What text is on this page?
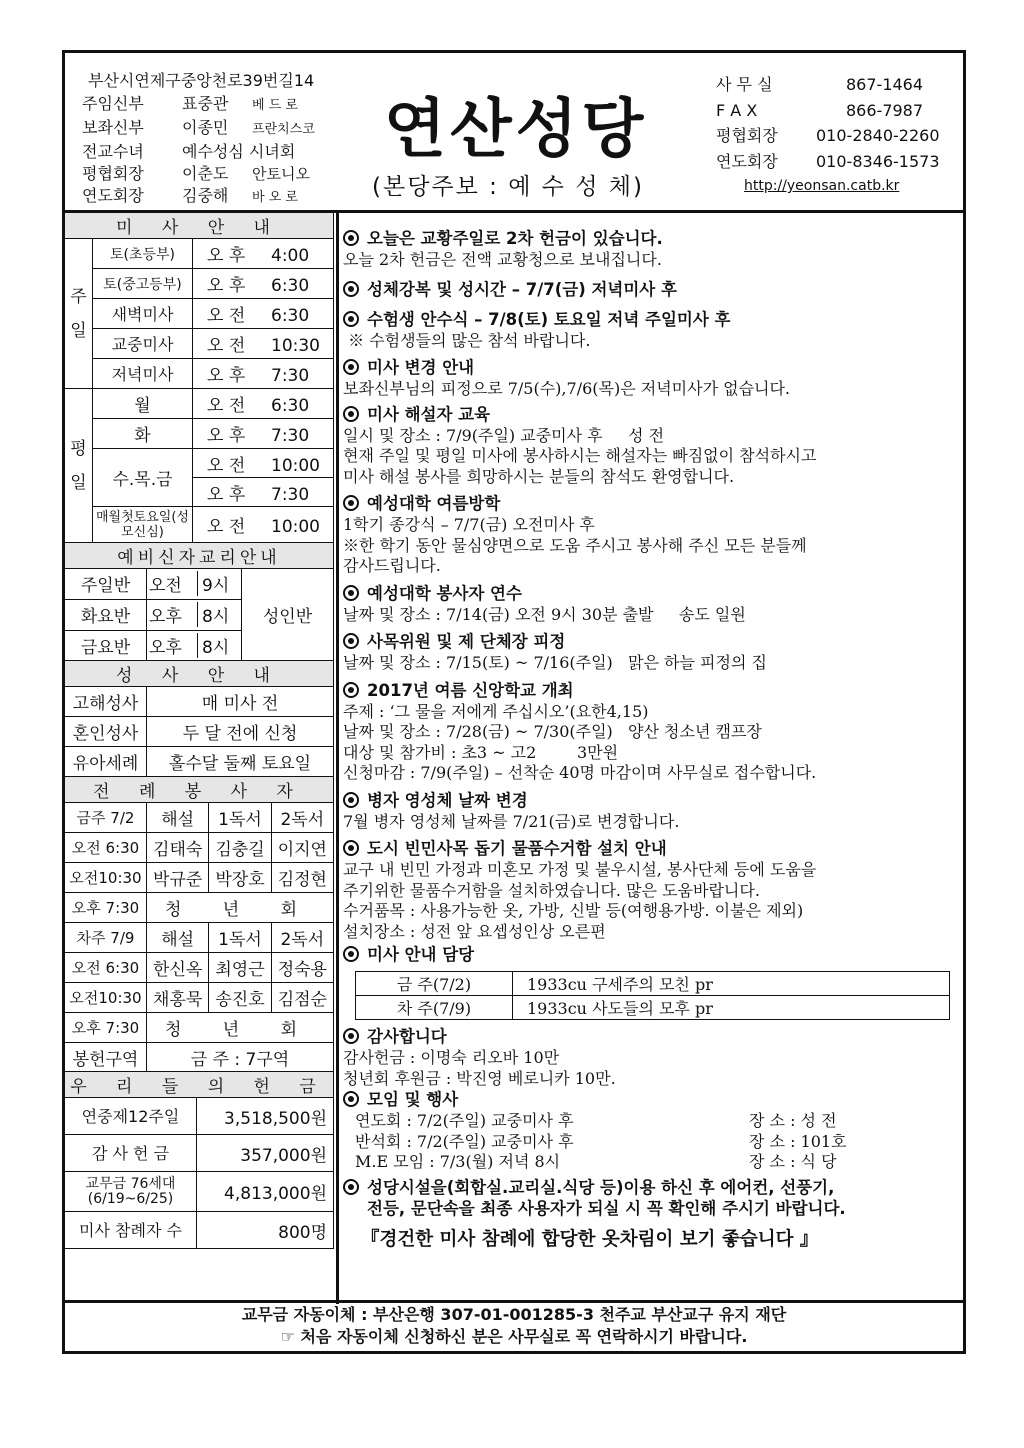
부산시연제구중앙천로39번길14
주임신부 표중관 베 드 로
보좌신부 이종민 프란치스코
전교수녀 예수성심 시녀회
평협회장 이춘도 안토니오
연도회장 김중해 바 오 로
연산성당
(본당주보 : 예 수 성 체)
사 무 실	867-1464
F A X	866-7987
평협회장 010-2840-2260
연도회장 010-8346-1573
http://yeonsan.catb.kr
미 사 안 내		
주일	토(초등부)	오 후 4:00
	토(중고등부)	오 후 6:30
	새벽미사	오 전 6:30
	교중미사	오 전 10:30
	저녁미사	오 후 7:30
평일	월	오 전 6:30
	화	오 후 7:30
	수.목.금	오 전 10:00
		오 후 7:30
	매월첫토요일(성모신심)	오 전 10:00
예비신자교리안내		
주일반	오전 9시	성인반
화요반	오후 8시	
금요반	오후 8시	
성 사 안 내	
고해성사	매 미사 전
혼인성사	두 달 전에 신청
유아세례	홀수달 둘째 토요일
전 례 봉 사 자			
금주 7/2	해설	1독서	2독서
오전 6:30	김태숙	김충길	이지연
오전10:30	박규준	박장호	김정현
오후 7:30	청 년 회		
차주 7/9	해설	1독서	2독서
오전 6:30	한신옥	최영근	정숙용
오전10:30	채홍묵	송진호	김점순
오후 7:30	청 년 회		
봉헌구역	금 주 : 7구역		
우 리 들 의 헌 금	
연중제12주일	3,518,500원
감 사 헌 금	357,000원
교무금 76세대 (6/19~6/25)	4,813,000원
미사 참례자 수	800명
오늘은 교황주일로 2차 헌금이 있습니다.
오늘 2차 헌금은 전액 교황청으로 보내집니다.
성체강복 및 성시간 – 7/7(금) 저녁미사 후
수험생 안수식 – 7/8(토) 토요일 저녁 주일미사 후
※ 수험생들의 많은 참석 바랍니다.
미사 변경 안내
보좌신부님의 피정으로 7/5(수),7/6(목)은 저녁미사가 없습니다.
미사 해설자 교육
일시 및 장소 : 7/9(주일) 교중미사 후     성 전
현재 주일 및 평일 미사에 봉사하시는 해설자는 빠짐없이 참석하시고
미사 해설 봉사를 희망하시는 분들의 참석도 환영합니다.
예성대학 여름방학
1학기 종강식 – 7/7(금) 오전미사 후
※한 학기 동안 물심양면으로 도움 주시고 봉사해 주신 모든 분들께
감사드립니다.
예성대학 봉사자 연수
날짜 및 장소 : 7/14(금) 오전 9시 30분 출발     송도 일원
사목위원 및 제 단체장 피정
날짜 및 장소 : 7/15(토) ~ 7/16(주일)   맑은 하늘 피정의 집
2017년 여름 신앙학교 개최
주제 : ‘그 물을 저에게 주십시오’(요한4,15)
날짜 및 장소 : 7/28(금) ~ 7/30(주일)   양산 청소년 캠프장
대상 및 참가비 : 초3 ~ 고2        3만원
신청마감 : 7/9(주일) – 선착순 40명 마감이며 사무실로 접수합니다.
병자 영성체 날짜 변경
7월 병자 영성체 날짜를 7/21(금)로 변경합니다.
도시 빈민사목 돕기 물품수거함 설치 안내
교구 내 빈민 가정과 미혼모 가정 및 불우시설, 봉사단체 등에 도움을
주기위한 물품수거함을 설치하였습니다. 많은 도움바랍니다.
수거품목 : 사용가능한 옷, 가방, 신발 등(여행용가방. 이불은 제외)
설치장소 : 성전 앞 요셉성인상 오른편
미사 안내 담당
금 주(7/2)	1933cu 구세주의 모친 pr
차 주(7/9)	1933cu 사도들의 모후 pr
감사합니다
감사헌금 : 이명숙 리오바 10만
청년회 후원금 : 박진영 베로니카 10만.
모임 및 행사
연도회 : 7/2(주일) 교중미사 후	장 소 : 성 전
반석회 : 7/2(주일) 교중미사 후	장 소 : 101호
M.E 모임 : 7/3(월) 저녁 8시	장 소 : 식 당
성당시설을(회합실.교리실.식당 등)이용 하신 후 에어컨, 선풍기,
전등, 문단속을 최종 사용자가 되실 시 꼭 확인해 주시기 바랍니다.
『경건한 미사 참례에 합당한 옷차림이 보기 좋습니다 』
교무금 자동이체 : 부산은행 307-01-001285-3 천주교 부산교구 유지 재단
☞ 처음 자동이체 신청하신 분은 사무실로 꼭 연락하시기 바랍니다.
